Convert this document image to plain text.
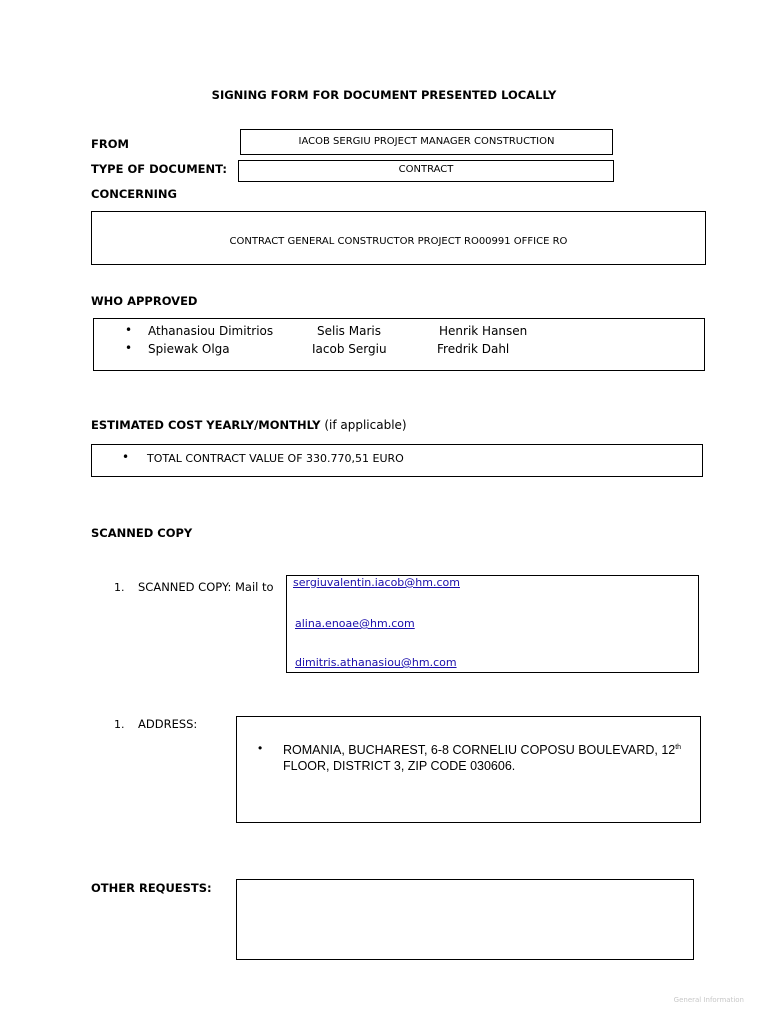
SIGNING FORM FOR DOCUMENT PRESENTED LOCALLY
FROM	IACOB SERGIU PROJECT MANAGER CONSTRUCTION
TYPE OF DOCUMENT:	CONTRACT
CONCERNING
CONTRACT GENERAL CONSTRUCTOR PROJECT RO00991 OFFICE RO
WHO APPROVED
• Athanasiou Dimitrios	Selis Maris	Henrik Hansen
• Spiewak Olga	Iacob Sergiu	Fredrik Dahl
ESTIMATED COST YEARLY/MONTHLY (if applicable)
• TOTAL CONTRACT VALUE OF 330.770,51 EURO
SCANNED COPY
1. SCANNED COPY: Mail to sergiuvalentin.iacob@hm.com
alina.enoae@hm.com
dimitris.athanasiou@hm.com
1. ADDRESS:
• ROMANIA, BUCHAREST, 6-8 CORNELIU COPOSU BOULEVARD, 12th
FLOOR, DISTRICT 3, ZIP CODE 030606.
OTHER REQUESTS:
General Information
